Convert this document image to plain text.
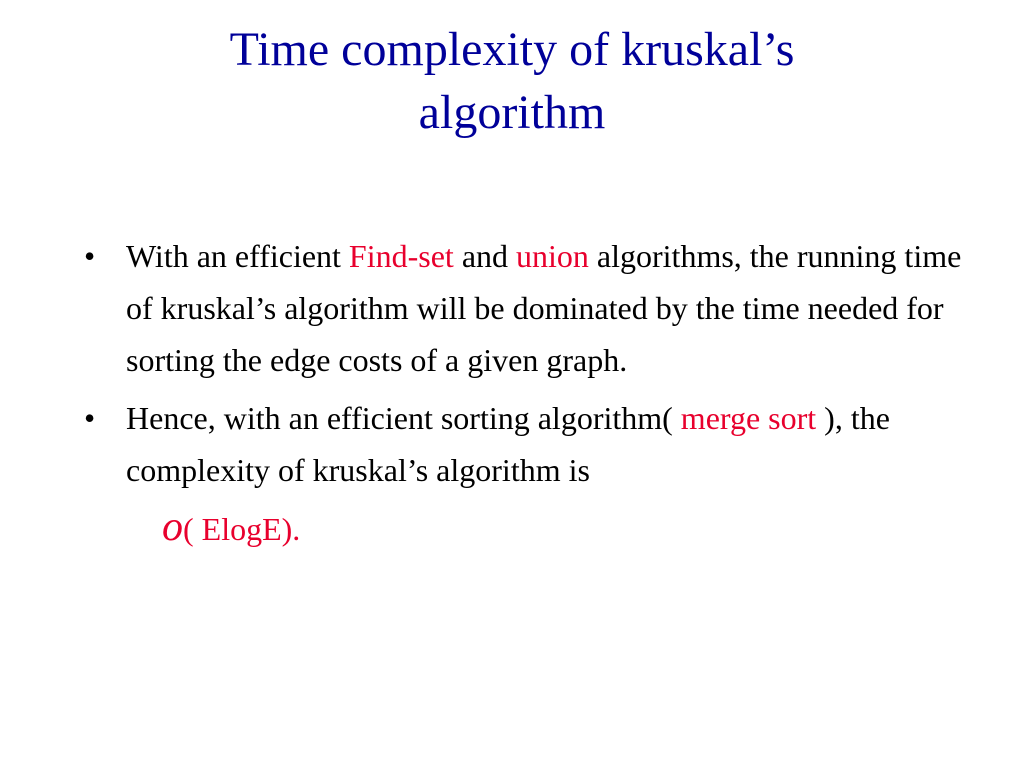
Time complexity of kruskal’s
algorithm
• With an efficient Find-set and union algorithms, the running time of kruskal’s algorithm will be dominated by the time needed for sorting the edge costs of a given graph.
• Hence, with an efficient sorting algorithm( merge sort ), the complexity of kruskal’s algorithm is
o( ElogE).
